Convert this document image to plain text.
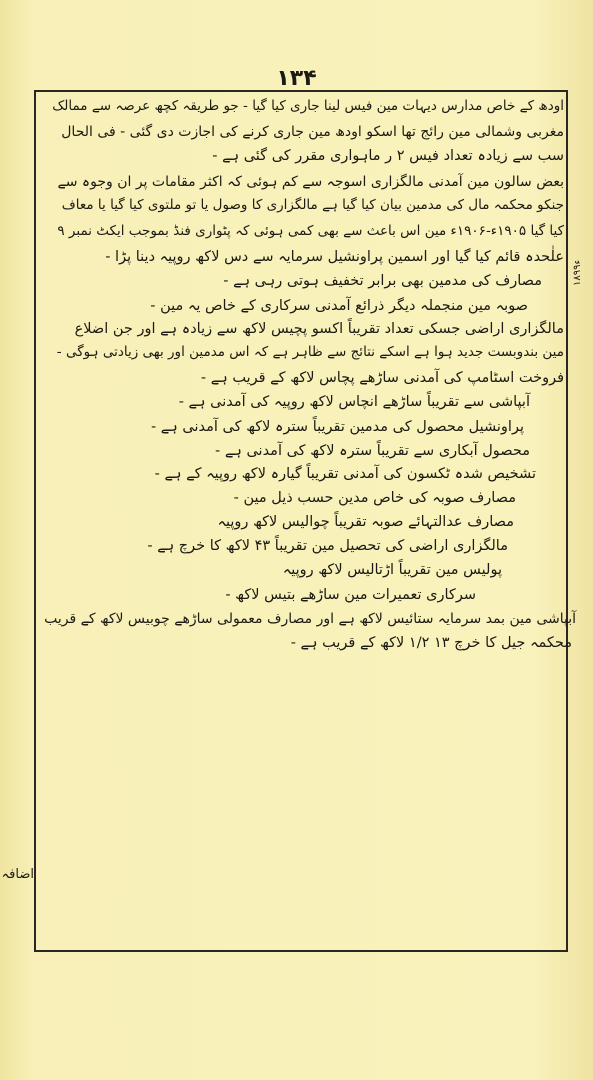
۱۳۴
اودھ کے خاص مدارس دیہات مین فیس لینا جاری کیا گیا - جو طریقہ کچھ عرصہ سے ممالک
مغربی وشمالی مین رائج تھا اسکو اودھ مین جاری کرنے کی اجازت دی گئی - فی الحال
سب سے زیادہ تعداد فیس ۲ ر ماہواری مقرر کی گئی ہے -
بعض سالون مین آمدنی مالگزاری اسوجہ سے کم ہوئی کہ اکثر مقامات پر ان وجوہ سے
جنکو محکمہ مال کی مدمین بیان کیا گیا ہے مالگزاری کا وصول یا تو ملتوی کیا گیا یا معاف
کیا گیا ۱۹۰۵ء-۱۹۰۶ء مین اس باعث سے بھی کمی ہوئی کہ پٹواری فنڈ بموجب ایکٹ نمبر ۹
علٰحدہ قائم کیا گیا اور اسمین پراونشیل سرمایہ سے دس لاکھ روپیہ دینا پڑا -
مصارف کی مدمین بھی برابر تخفیف ہوتی رہی ہے -
صوبہ مین منجملہ دیگر ذرائع آمدنی سرکاری کے خاص یہ مین -
مالگزاری اراضی جسکی تعداد تقریباً اکسو پچیس لاکھ سے زیادہ ہے اور جن اضلاع
مین بندوبست جدید ہوا ہے اسکے نتائج سے ظاہر ہے کہ اس مدمین اور بھی زیادتی ہوگی -
فروخت اسٹامپ کی آمدنی ساڑھے پچاس لاکھ کے قریب ہے -
آبپاشی سے تقریباً ساڑھے انچاس لاکھ روپیہ کی آمدنی ہے -
پراونشیل محصول کی مدمین تقریباً سترہ لاکھ کی آمدنی ہے -
محصول آبکاری سے تقریباً سترہ لاکھ کی آمدنی ہے -
تشخیص شدہ ٹکسون کی آمدنی تقریباً گیارہ لاکھ روپیہ کے ہے -
مصارف صوبہ کی خاص مدین حسب ذیل مین -
مصارف عدالتہائے صوبہ تقریباً چوالیس لاکھ روپیہ
مالگزاری اراضی کی تحصیل مین تقریباً ۴۳ لاکھ کا خرچ ہے -
پولیس مین تقریباً اڑتالیس لاکھ روپیہ
سرکاری تعمیرات مین ساڑھے بتیس لاکھ -
آبپاشی مین بمد سرمایہ ستائیس لاکھ ہے اور مصارف معمولی ساڑھے چوبیس لاکھ کے قریب
محکمہ جیل کا خرچ ۱۳ ۱/۲ لاکھ کے قریب ہے -
۱۸۹۹ء
اضافہ
